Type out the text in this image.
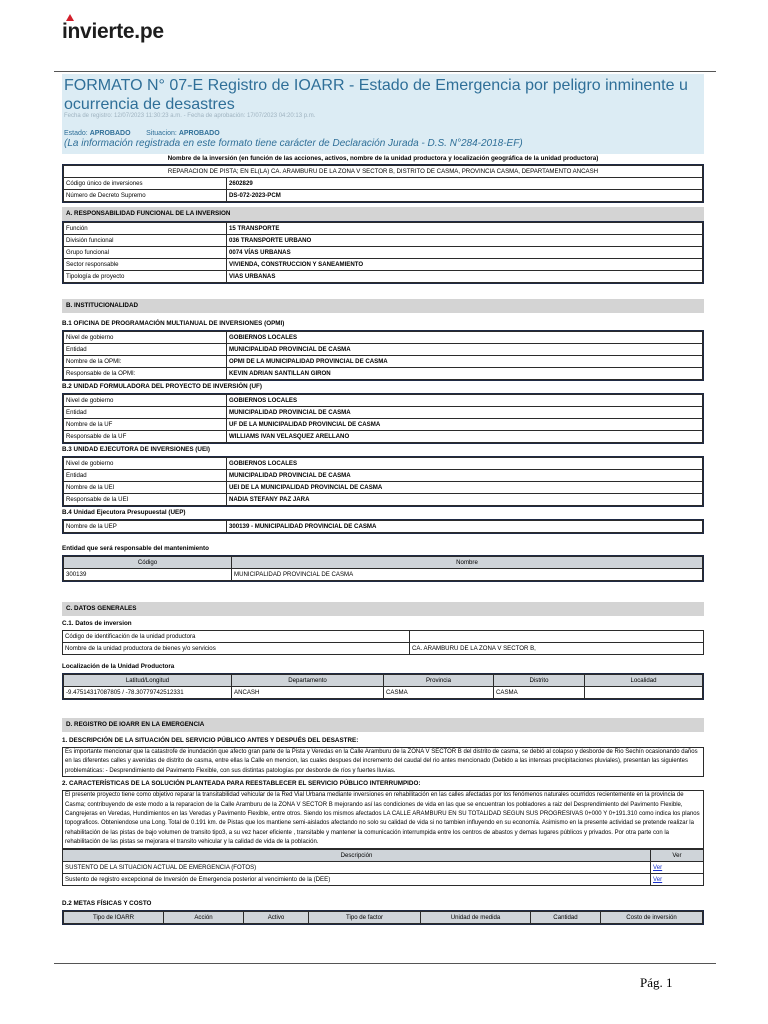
invierte.pe
FORMATO N° 07-E Registro de IOARR - Estado de Emergencia por peligro inminente u ocurrencia de desastres
Fecha de registro: 12/07/2023 11:30:23 a.m. - Fecha de aprobación: 17/07/2023 04:20:13 p.m.
Estado: APROBADO Situacion: APROBADO
(La información registrada en este formato tiene carácter de Declaración Jurada - D.S. N°284-2018-EF)
Nombre de la inversión (en función de las acciones, activos, nombre de la unidad productora y localización geográfica de la unidad productora)
REPARACION DE PISTA; EN EL(LA) CA. ARAMBURU DE LA ZONA V SECTOR B, DISTRITO DE CASMA, PROVINCIA CASMA, DEPARTAMENTO ANCASH	
Código único de inversiones	2602829
Número de Decreto Supremo	DS-072-2023-PCM
A. RESPONSABILIDAD FUNCIONAL DE LA INVERSION
Función	15 TRANSPORTE
División funcional	036 TRANSPORTE URBANO
Grupo funcional	0074 VÍAS URBANAS
Sector responsable	VIVIENDA, CONSTRUCCION Y SANEAMIENTO
Tipología de proyecto	VIAS URBANAS
B. INSTITUCIONALIDAD
B.1 OFICINA DE PROGRAMACIÓN MULTIANUAL DE INVERSIONES (OPMI)
Nivel de gobierno	GOBIERNOS LOCALES
Entidad	MUNICIPALIDAD PROVINCIAL DE CASMA
Nombre de la OPMI:	OPMI DE LA MUNICIPALIDAD PROVINCIAL DE CASMA
Responsable de la OPMI:	KEVIN ADRIAN SANTILLAN GIRON
B.2 UNIDAD FORMULADORA DEL PROYECTO DE INVERSIÓN (UF)
Nivel de gobierno	GOBIERNOS LOCALES
Entidad	MUNICIPALIDAD PROVINCIAL DE CASMA
Nombre de la UF	UF DE LA MUNICIPALIDAD PROVINCIAL DE CASMA
Responsable de la UF	WILLIAMS IVAN VELASQUEZ ARELLANO
B.3 UNIDAD EJECUTORA DE INVERSIONES (UEI)
Nivel de gobierno	GOBIERNOS LOCALES
Entidad	MUNICIPALIDAD PROVINCIAL DE CASMA
Nombre de la UEI	UEI DE LA MUNICIPALIDAD PROVINCIAL DE CASMA
Responsable de la UEI	NADIA STEFANY PAZ JARA
B.4 Unidad Ejecutora Presupuestal (UEP)
Nombre de la UEP	300139 - MUNICIPALIDAD PROVINCIAL DE CASMA
Entidad que será responsable del mantenimiento
Código	Nombre
300139	MUNICIPALIDAD PROVINCIAL DE CASMA
C. DATOS GENERALES
C.1. Datos de inversion
Código de identificación de la unidad productora	
Nombre de la unidad productora de bienes y/o servicios	CA. ARAMBURU DE LA ZONA V SECTOR B,
Localización de la Unidad Productora
Latitud/Longitud	Departamento	Provincia	Distrito	Localidad
-9.47514317087805 / -78.30779742512331	ANCASH	CASMA	CASMA	
D. REGISTRO DE IOARR EN LA EMERGENCIA
1. DESCRIPCIÓN DE LA SITUACIÓN DEL SERVICIO PÚBLICO ANTES Y DESPUÉS DEL DESASTRE:
Es importante mencionar que la catastrofe de inundación que afecto gran parte de la Pista y Veredas en la Calle Aramburu de la ZONA V SECTOR B del distrito de casma, se debió al colapso y desborde de Rio Sechín ocasionando daños en las diferentes calles y avenidas de distrito de casma, entre ellas la Calle en mencion, las cuales despues del incremento del caudal del rio antes mencionado (Debido a las intensas precipitaciones pluviales), presentan las siguientes problemáticas: - Desprendimiento del Pavimento Flexible, con sus distintas patologías por desborde de ríos y fuertes lluvias.
2. CARACTERÍSTICAS DE LA SOLUCIÓN PLANTEADA PARA REESTABLECER EL SERVICIO PÚBLICO INTERRUMPIDO:
El presente proyecto tiene como objetivo reparar la transitabilidad vehicular de la Red Vial Urbana mediante inversiones en rehabilitación en las calles afectadas por los fenómenos naturales ocurridos recientemente en la provincia de Casma; contribuyendo de este modo a la reparacion de la Calle Aramburu de la ZONA V SECTOR B mejorando así las condiciones de vida en las que se encuentran los pobladores a raiz del Desprendimiento del Pavimento Flexible, Cangrejeras en Veredas, Hundimientos en las Veredas y Pavimento Flexible, entre otros. Siendo los mismos afectados LA CALLE ARAMBURU EN SU TOTALIDAD SEGUN SUS PROGRESIVAS 0+000 Y 0+191.310 como indica los planos topograficos. Obteniendose una Long. Total de 0.191 km. de Pistas que los mantiene semi-aislados afectando no solo su calidad de vida si no tambien influyendo en su economía. Asimismo en la presente actividad se pretende realizar la rehabilitación de las pistas de bajo volumen de transito tipo3, a su vez hacer eficiente , transitable y mantener la comunicación interrumpida entre los centros de abastos y demas lugares públicos y privados. Por otra parte con la rehabilitación de las pistas se mejorara el transito vehicular y la calidad de vida de la población.
Descripción	Ver
SUSTENTO DE LA SITUACION ACTUAL DE EMERGENCIA (FOTOS)	Ver
Sustento de registro excepcional de Inversión de Emergencia posterior al vencimiento de la (DEE)	Ver
D.2 METAS FÍSICAS Y COSTO
Tipo de IOARR	Acción	Activo	Tipo de factor	Unidad de medida	Cantidad	Costo de inversión
Pág. 1
